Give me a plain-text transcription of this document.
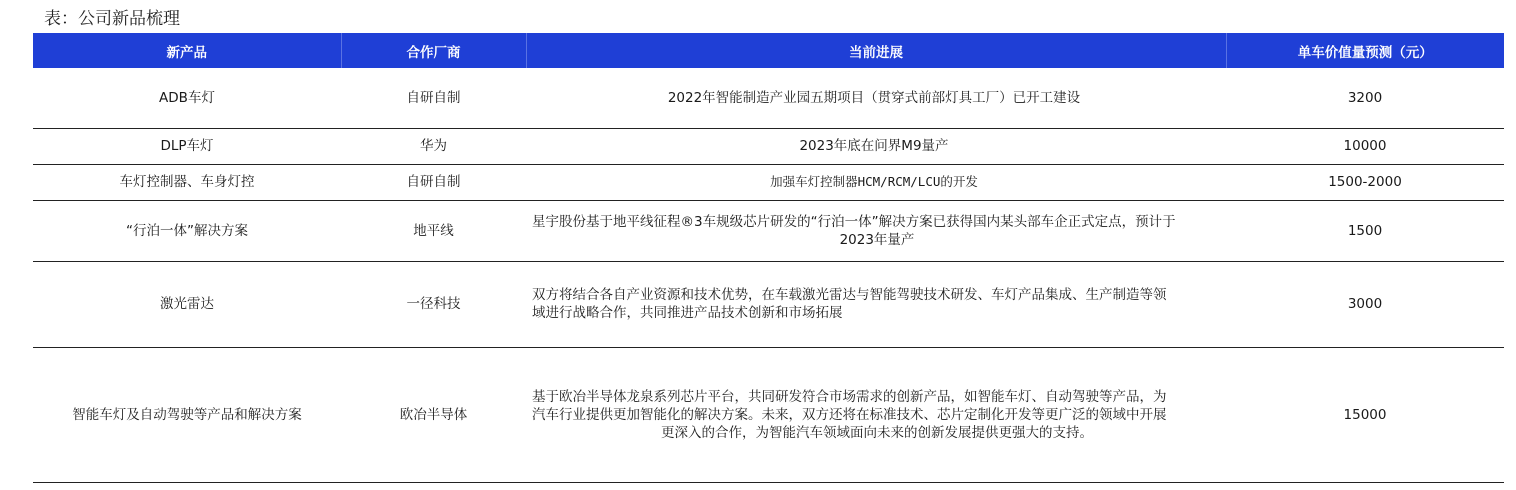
表：公司新品梳理
新产品	合作厂商	当前进展	单车价值量预测（元）
ADB车灯	自研自制	2022年智能制造产业园五期项目（贯穿式前部灯具工厂）已开工建设	3200
DLP车灯	华为	2023年底在问界M9量产	10000
车灯控制器、车身灯控	自研自制	加强车灯控制器HCM/RCM/LCU的开发	1500-2000
“行泊一体”解决方案	地平线	星宇股份基于地平线征程®3车规级芯片研发的“行泊一体”解决方案已获得国内某头部车企正式定点，预计于
2023年量产	1500
激光雷达	一径科技	双方将结合各自产业资源和技术优势，在车载激光雷达与智能驾驶技术研发、车灯产品集成、生产制造等领
域进行战略合作，共同推进产品技术创新和市场拓展	3000
智能车灯及自动驾驶等产品和解决方案	欧冶半导体	基于欧冶半导体龙泉系列芯片平台，共同研发符合市场需求的创新产品，如智能车灯、自动驾驶等产品，为
汽车行业提供更加智能化的解决方案。未来，双方还将在标准技术、芯片定制化开发等更广泛的领域中开展
更深入的合作，为智能汽车领域面向未来的创新发展提供更强大的支持。	15000
